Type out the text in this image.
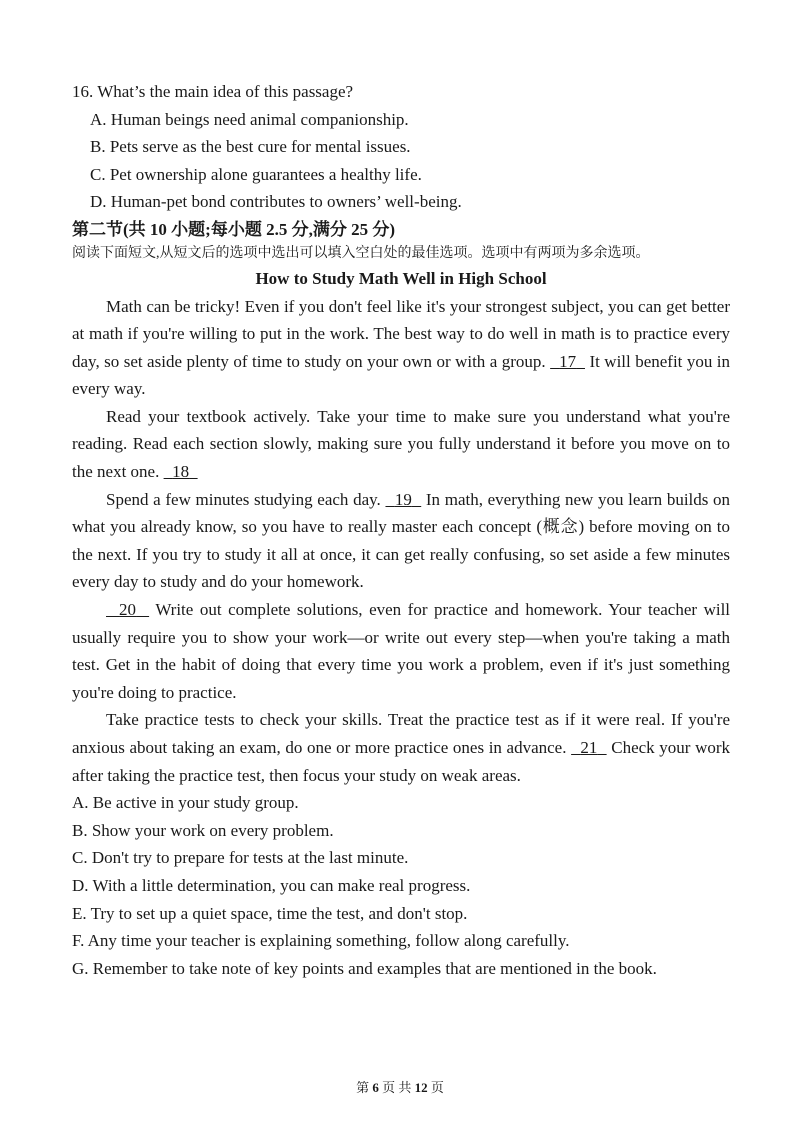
16. What’s the main idea of this passage?
A. Human beings need animal companionship.
B. Pets serve as the best cure for mental issues.
C. Pet ownership alone guarantees a healthy life.
D. Human-pet bond contributes to owners’ well-being.
第二节(共 10 小题;每小题 2.5 分,满分 25 分)
阅读下面短文,从短文后的选项中选出可以填入空白处的最佳选项。选项中有两项为多余选项。
How to Study Math Well in High School

Math can be tricky! Even if you don't feel like it's your strongest subject, you can get better at math if you're willing to put in the work. The best way to do well in math is to practice every day, so set aside plenty of time to study on your own or with a group. 17 It will benefit you in every way.

Read your textbook actively. Take your time to make sure you understand what you're reading. Read each section slowly, making sure you fully understand it before you move on to the next one. 18

Spend a few minutes studying each day. 19 In math, everything new you learn builds on what you already know, so you have to really master each concept (概念) before moving on to the next. If you try to study it all at once, it can get really confusing, so set aside a few minutes every day to study and do your homework.

20 Write out complete solutions, even for practice and homework. Your teacher will usually require you to show your work—or write out every step—when you're taking a math test. Get in the habit of doing that every time you work a problem, even if it's just something you're doing to practice.

Take practice tests to check your skills. Treat the practice test as if it were real. If you're anxious about taking an exam, do one or more practice ones in advance. 21 Check your work after taking the practice test, then focus your study on weak areas.

A. Be active in your study group.
B. Show your work on every problem.
C. Don't try to prepare for tests at the last minute.
D. With a little determination, you can make real progress.
E. Try to set up a quiet space, time the test, and don't stop.
F. Any time your teacher is explaining something, follow along carefully.
G. Remember to take note of key points and examples that are mentioned in the book.
第 6 页 共 12 页
